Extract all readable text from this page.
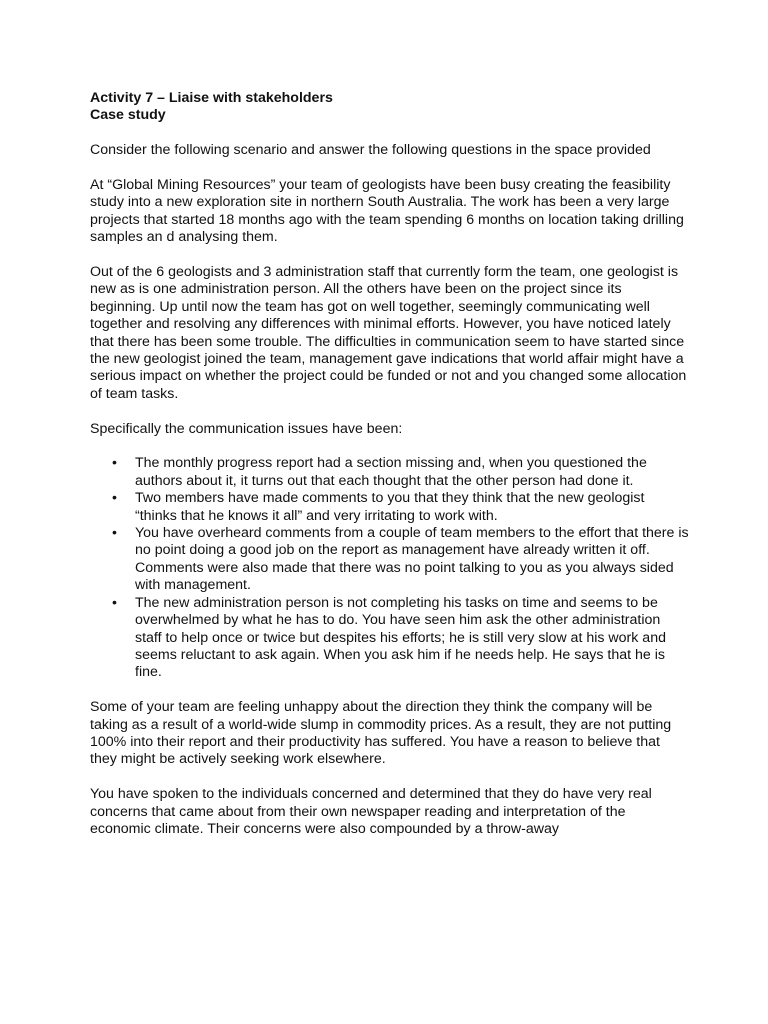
Activity 7 – Liaise with stakeholders

Case study

Consider the following scenario and answer the following questions in the space provided

At “Global Mining Resources” your team of geologists have been busy creating the feasibility study into a new exploration site in northern South Australia. The work has been a very large projects that started 18 months ago with the team spending 6 months on location taking drilling samples an d analysing them.

Out of the 6 geologists and 3 administration staff that currently form the team, one geologist is new as is one administration person. All the others have been on the project since its beginning. Up until now the team has got on well together, seemingly communicating well together and resolving any differences with minimal efforts. However, you have noticed lately that there has been some trouble. The difficulties in communication seem to have started since the new geologist joined the team, management gave indications that world affair might have a serious impact on whether the project could be funded or not and you changed some allocation of team tasks.

Specifically the communication issues have been:

• The monthly progress report had a section missing and, when you questioned the authors about it, it turns out that each thought that the other person had done it.
• Two members have made comments to you that they think that the new geologist “thinks that he knows it all” and very irritating to work with.
• You have overheard comments from a couple of team members to the effort that there is no point doing a good job on the report as management have already written it off. Comments were also made that there was no point talking to you as you always sided with management.
• The new administration person is not completing his tasks on time and seems to be overwhelmed by what he has to do. You have seen him ask the other administration staff to help once or twice but despites his efforts; he is still very slow at his work and seems reluctant to ask again. When you ask him if he needs help. He says that he is fine.

Some of your team are feeling unhappy about the direction they think the company will be taking as a result of a world-wide slump in commodity prices. As a result, they are not putting 100% into their report and their productivity has suffered. You have a reason to believe that they might be actively seeking work elsewhere.

You have spoken to the individuals concerned and determined that they do have very real concerns that came about from their own newspaper reading and interpretation of the economic climate. Their concerns were also compounded by a throw-away
